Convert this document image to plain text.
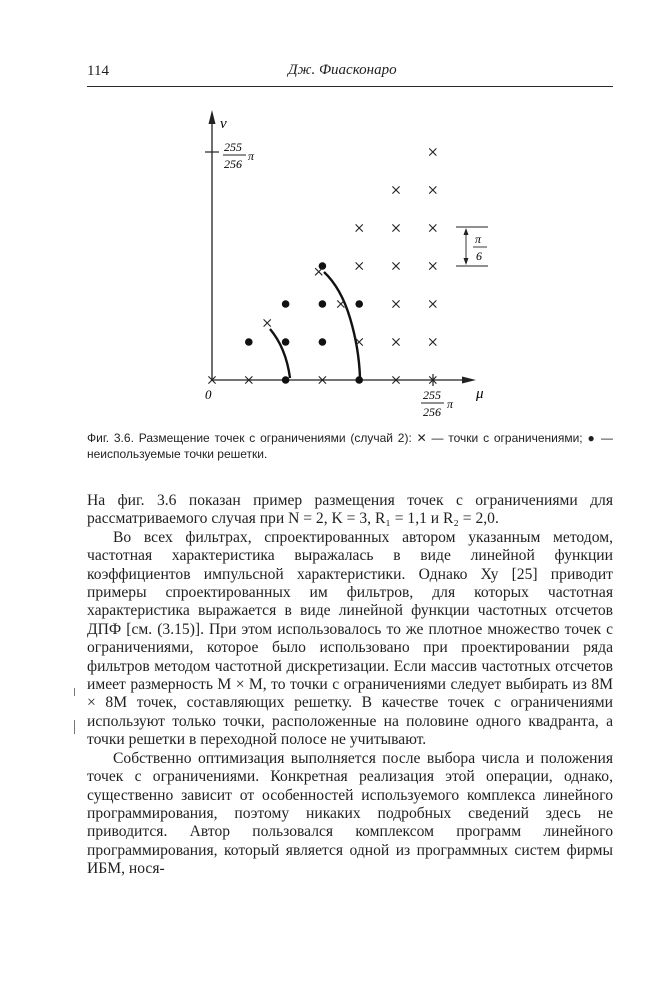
114	Дж. Фиасконаро
ν
μ
0
255
256
π
255
256
π
π
6
Фиг. 3.6. Размещение точек с ограничениями (случай 2): ✕ — точки с ограничениями; ● — неиспользуемые точки решетки.

На фиг. 3.6 показан пример размещения точек с ограничениями для рассматриваемого случая при N = 2, K = 3, R₁ = 1,1 и R₂ = 2,0.

Во всех фильтрах, спроектированных автором указанным методом, частотная характеристика выражалась в виде линейной функции коэффициентов импульсной характеристики. Однако Ху [25] приводит примеры спроектированных им фильтров, для которых частотная характеристика выражается в виде линейной функции частотных отсчетов ДПФ [см. (3.15)]. При этом использовалось то же плотное множество точек с ограничениями, которое было использовано при проектировании ряда фильтров методом частотной дискретизации. Если массив частотных отсчетов имеет размерность M × M, то точки с ограничениями следует выбирать из 8M × 8M точек, составляющих решетку. В качестве точек с ограничениями используют только точки, расположенные на половине одного квадранта, а точки решетки в переходной полосе не учитывают.

Собственно оптимизация выполняется после выбора числа и положения точек с ограничениями. Конкретная реализация этой операции, однако, существенно зависит от особенностей используемого комплекса линейного программирования, поэтому никаких подробных сведений здесь не приводится. Автор пользовался комплексом программ линейного программирования, который является одной из программных систем фирмы ИБМ, нося-
